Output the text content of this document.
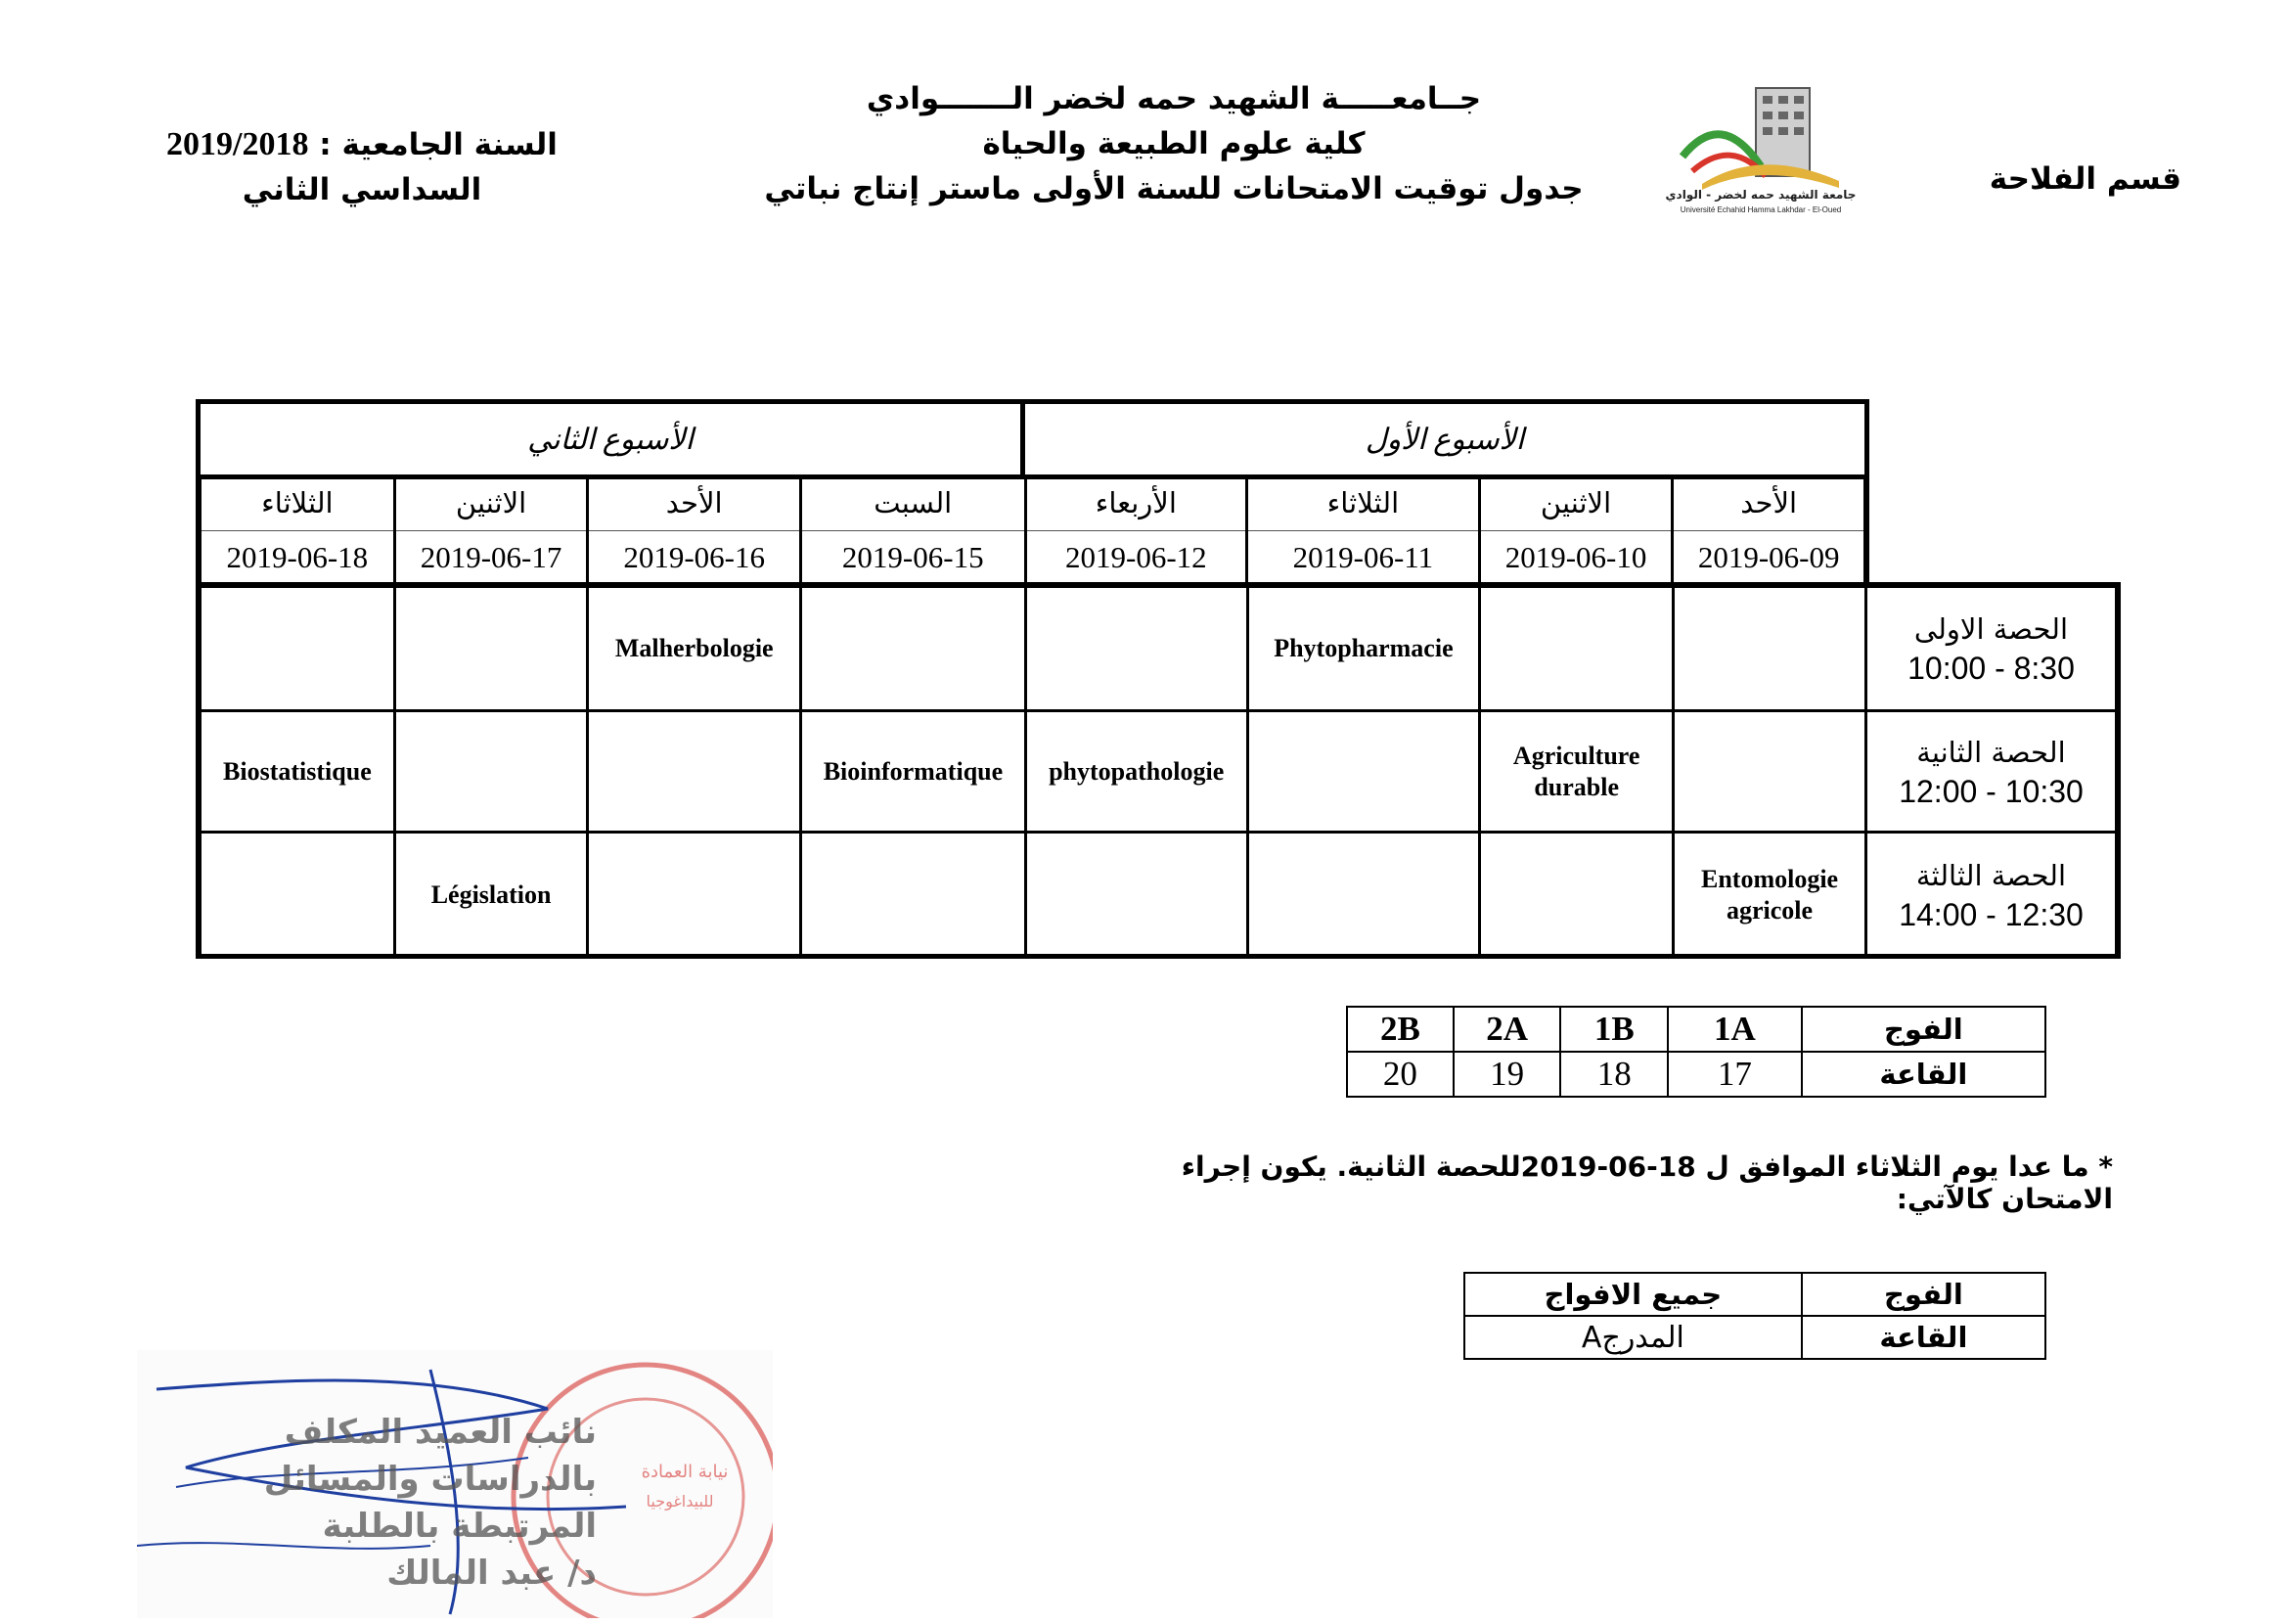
قسم الفلاحة
جامعة الشهيد حمه لخضر - الوادي
Université Echahid Hamma Lakhdar - El-Oued
جــامعـــــة الشهيد حمه لخضر الـــــــوادي
كلية علوم الطبيعة والحياة
جدول توقيت الامتحانات للسنة الأولى ماستر إنتاج نباتي
السنة الجامعية : 2019/2018
السداسي الثاني
الأسبوع الأول
الأسبوع الثاني
الأحد	الاثنين	الثلاثاء	الأربعاء	السبت	الأحد	الاثنين	الثلاثاء
2019-06-09	2019-06-10	2019-06-11	2019-06-12	2019-06-15	2019-06-16	2019-06-17	2019-06-18
الحصة الاولى
10:00 - 8:30			Phytopharmacie			Malherbologie		
الحصة الثانية
12:00 - 10:30		Agriculture durable		phytopathologie	Bioinformatique			Biostatistique
الحصة الثالثة
14:00 - 12:30	Entomologie agricole						Législation	
الفوج	1A	1B	2A	2B
القاعة	17	18	19	20
* ما عدا يوم الثلاثاء الموافق ل 18-06-2019للحصة الثانية. يكون إجراء الامتحان كالآتي:
الفوج	جميع الافواج
القاعة	المدرجA
نيابة العمادة
للبيداغوجيا
نائب العميد المكلف بالدراسات والمسائل المرتبطة بالطلبة
د/ عبد المالك
